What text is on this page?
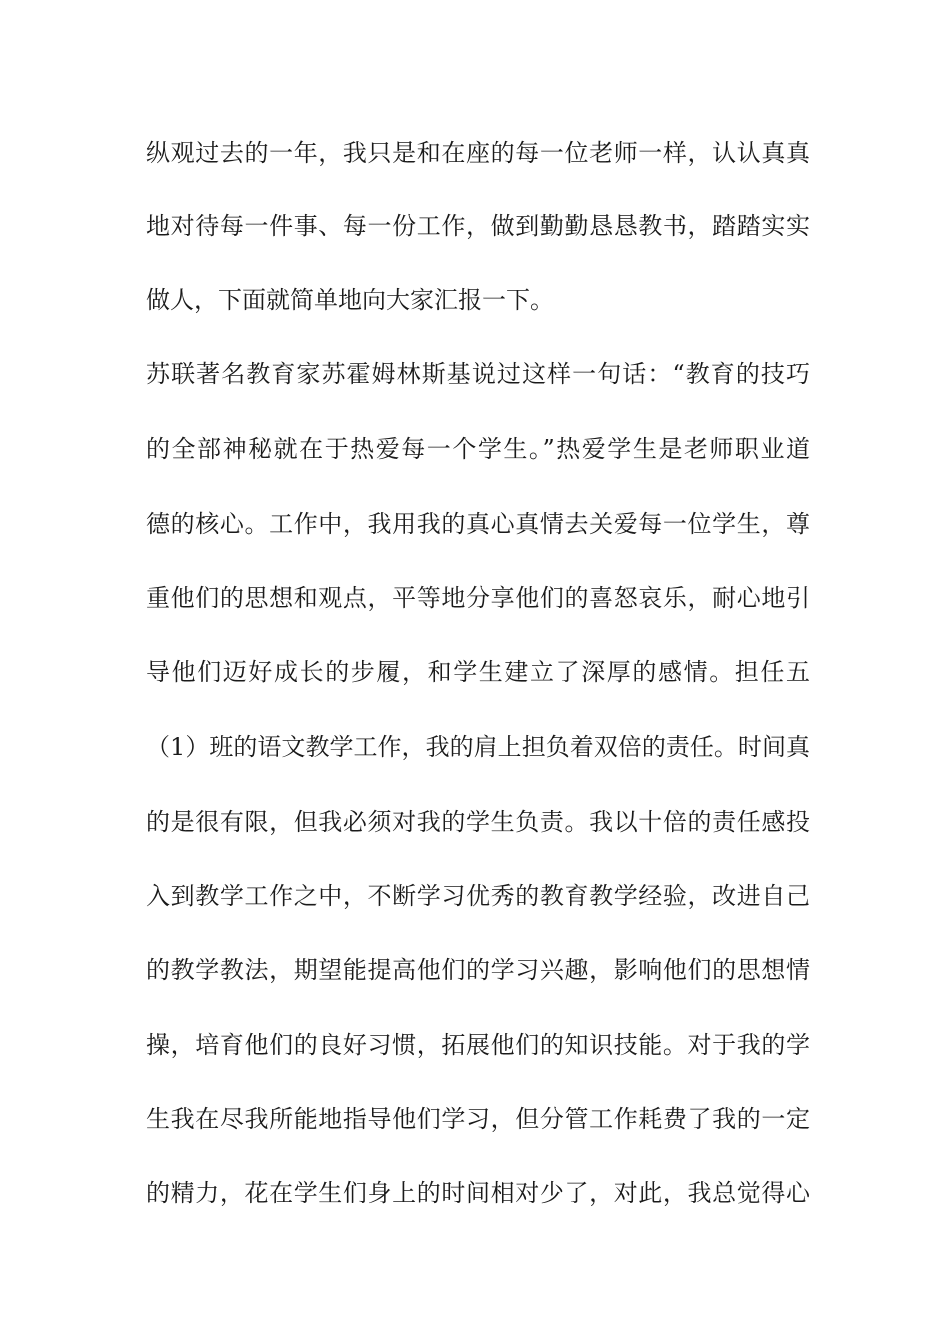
纵观过去的一年，我只是和在座的每一位老师一样，认认真真
地对待每一件事、每一份工作，做到勤勤恳恳教书，踏踏实实
做人，下面就简单地向大家汇报一下。
苏联著名教育家苏霍姆林斯基说过这样一句话：“教育的技巧
的全部神秘就在于热爱每一个学生。”热爱学生是老师职业道
德的核心。工作中，我用我的真心真情去关爱每一位学生，尊
重他们的思想和观点，平等地分享他们的喜怒哀乐，耐心地引
导他们迈好成长的步履，和学生建立了深厚的感情。担任五
（1）班的语文教学工作，我的肩上担负着双倍的责任。时间真
的是很有限，但我必须对我的学生负责。我以十倍的责任感投
入到教学工作之中，不断学习优秀的教育教学经验，改进自己
的教学教法，期望能提高他们的学习兴趣，影响他们的思想情
操，培育他们的良好习惯，拓展他们的知识技能。对于我的学
生我在尽我所能地指导他们学习，但分管工作耗费了我的一定
的精力，花在学生们身上的时间相对少了，对此，我总觉得心
